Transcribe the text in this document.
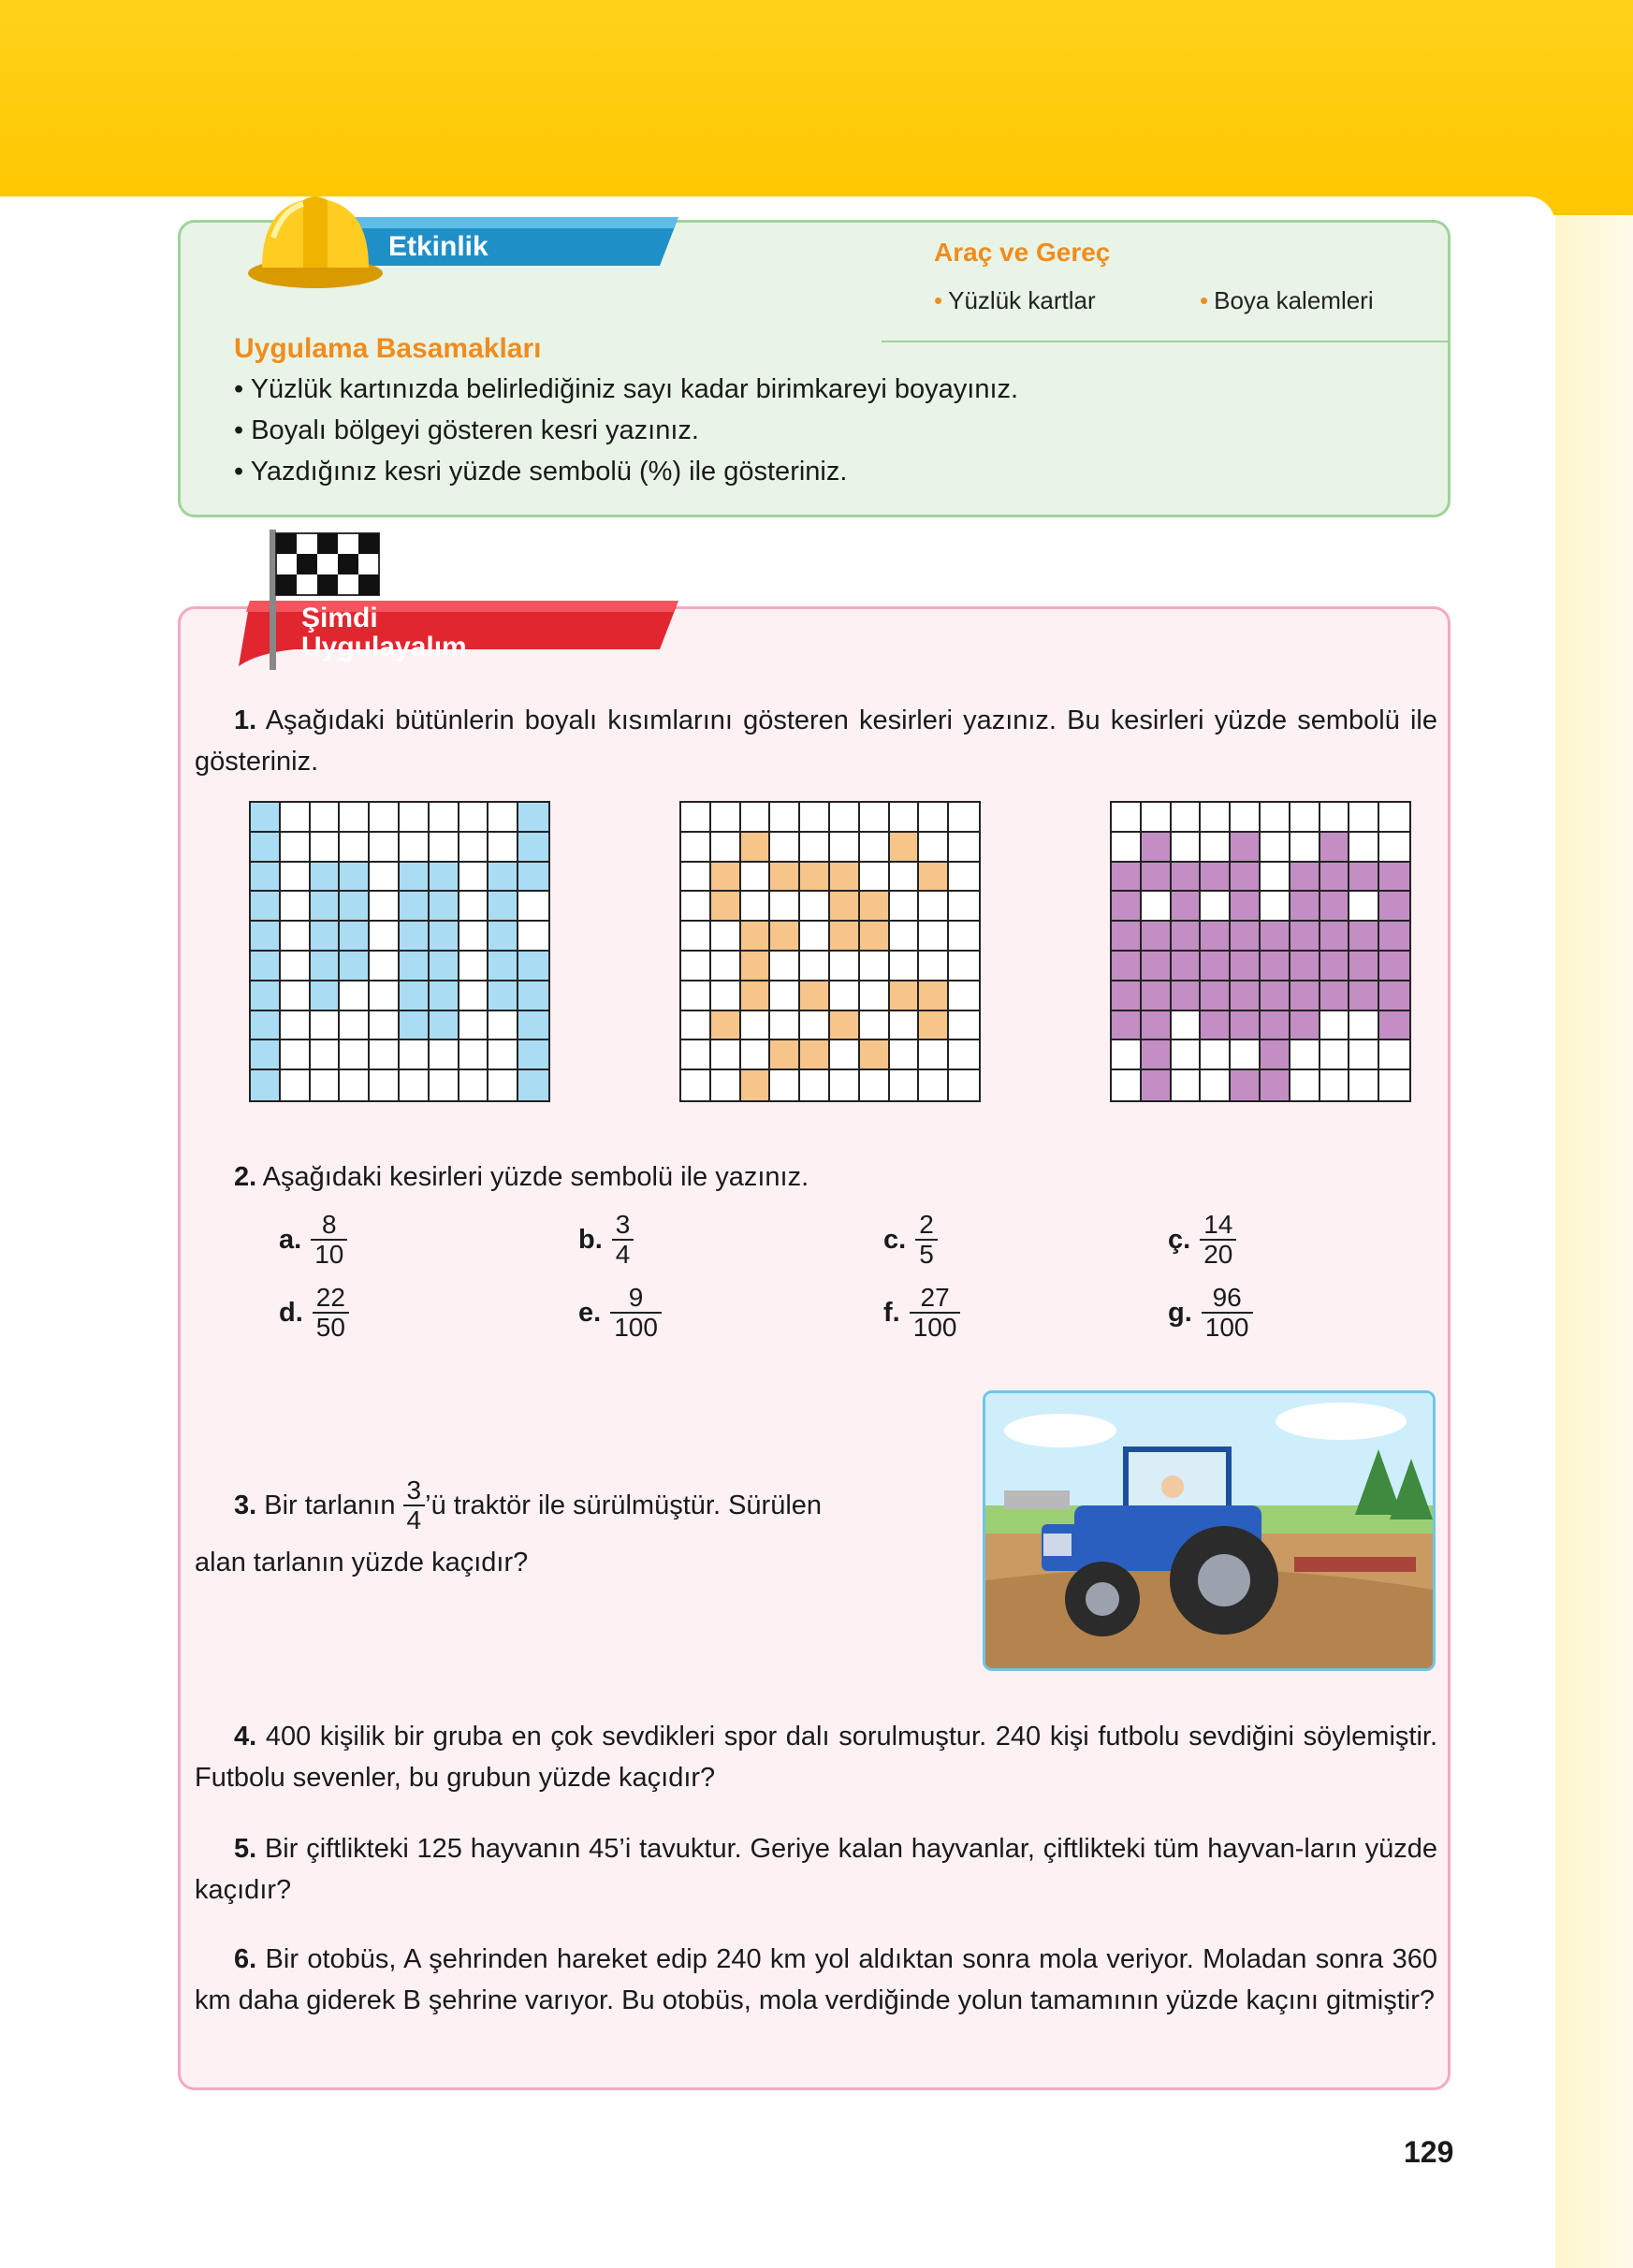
Etkinlik	Araç ve Gereç
• Yüzlük kartlar	• Boya kalemleri
Uygulama Basamakları
• Yüzlük kartınızda belirlediğiniz sayı kadar birimkareyi boyayınız.
• Boyalı bölgeyi gösteren kesri yazınız.
• Yazdığınız kesri yüzde sembolü (%) ile gösteriniz.
Şimdi
Uygulayalım
1. Aşağıdaki bütünlerin boyalı kısımlarını gösteren kesirleri yazınız. Bu kesirleri yüzde sembolü ile gösteriniz.
2. Aşağıdaki kesirleri yüzde sembolü ile yazınız.
a. $\frac{8}{10}$	b. $\frac{3}{4}$	c. $\frac{2}{5}$	ç. $\frac{14}{20}$
d. $\frac{22}{50}$	e. $\frac{9}{100}$	f. $\frac{27}{100}$	g. $\frac{96}{100}$
3.
Bir tarlanın
$\frac{3}{4}$ ’ü traktör ile sürülmüştür. Sürülen
alan tarlanın yüzde kaçıdır?
4. 400 kişilik bir gruba en çok sevdikleri spor dalı sorulmuştur. 240 kişi futbolu sevdiğini söylemiştir. Futbolu sevenler, bu grubun yüzde kaçıdır?
5. Bir çiftlikteki 125 hayvanın 45’i tavuktur. Geriye kalan hayvanlar, çiftlikteki tüm hayvan-ların yüzde kaçıdır?
6. Bir otobüs, A şehrinden hareket edip 240 km yol aldıktan sonra mola veriyor. Moladan sonra 360 km daha giderek B şehrine varıyor. Bu otobüs, mola verdiğinde yolun tamamının yüzde kaçını gitmiştir?
129
